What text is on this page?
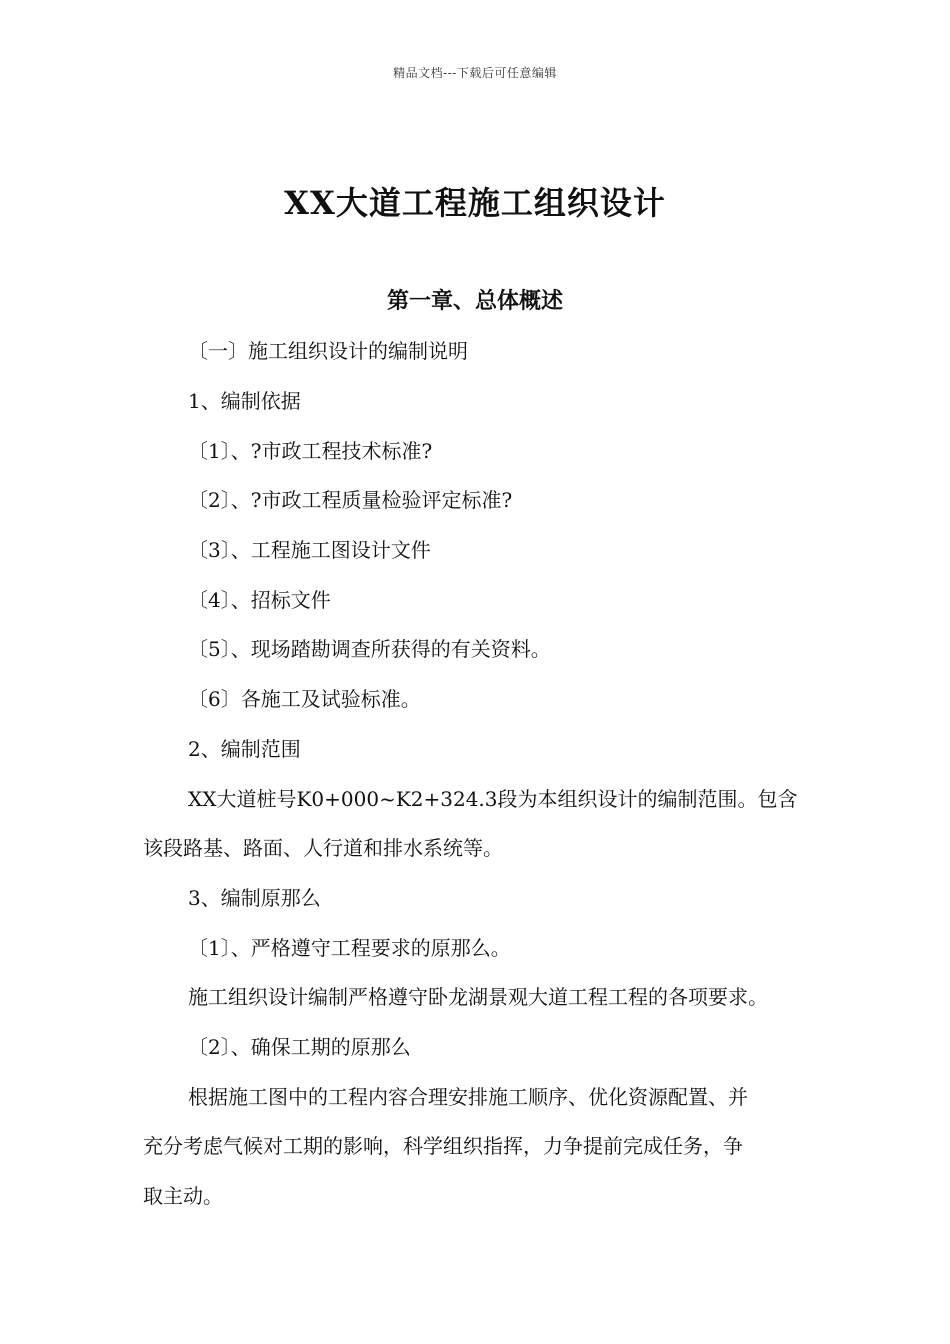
精品文档---下载后可任意编辑
XX大道工程施工组织设计
第一章、总体概述
〔一〕施工组织设计的编制说明
1、编制依据
〔1〕、?市政工程技术标准?
〔2〕、?市政工程质量检验评定标准?
〔3〕、工程施工图设计文件
〔4〕、招标文件
〔5〕、现场踏勘调查所获得的有关资料。
〔6〕各施工及试验标准。
2、编制范围
XX大道桩号K0+000~K2+324.3段为本组织设计的编制范围。包含
该段路基、路面、人行道和排水系统等。
3、编制原那么
〔1〕、严格遵守工程要求的原那么。
施工组织设计编制严格遵守卧龙湖景观大道工程工程的各项要求。
〔2〕、确保工期的原那么
根据施工图中的工程内容合理安排施工顺序、优化资源配置、并
充分考虑气候对工期的影响，科学组织指挥，力争提前完成任务，争
取主动。
